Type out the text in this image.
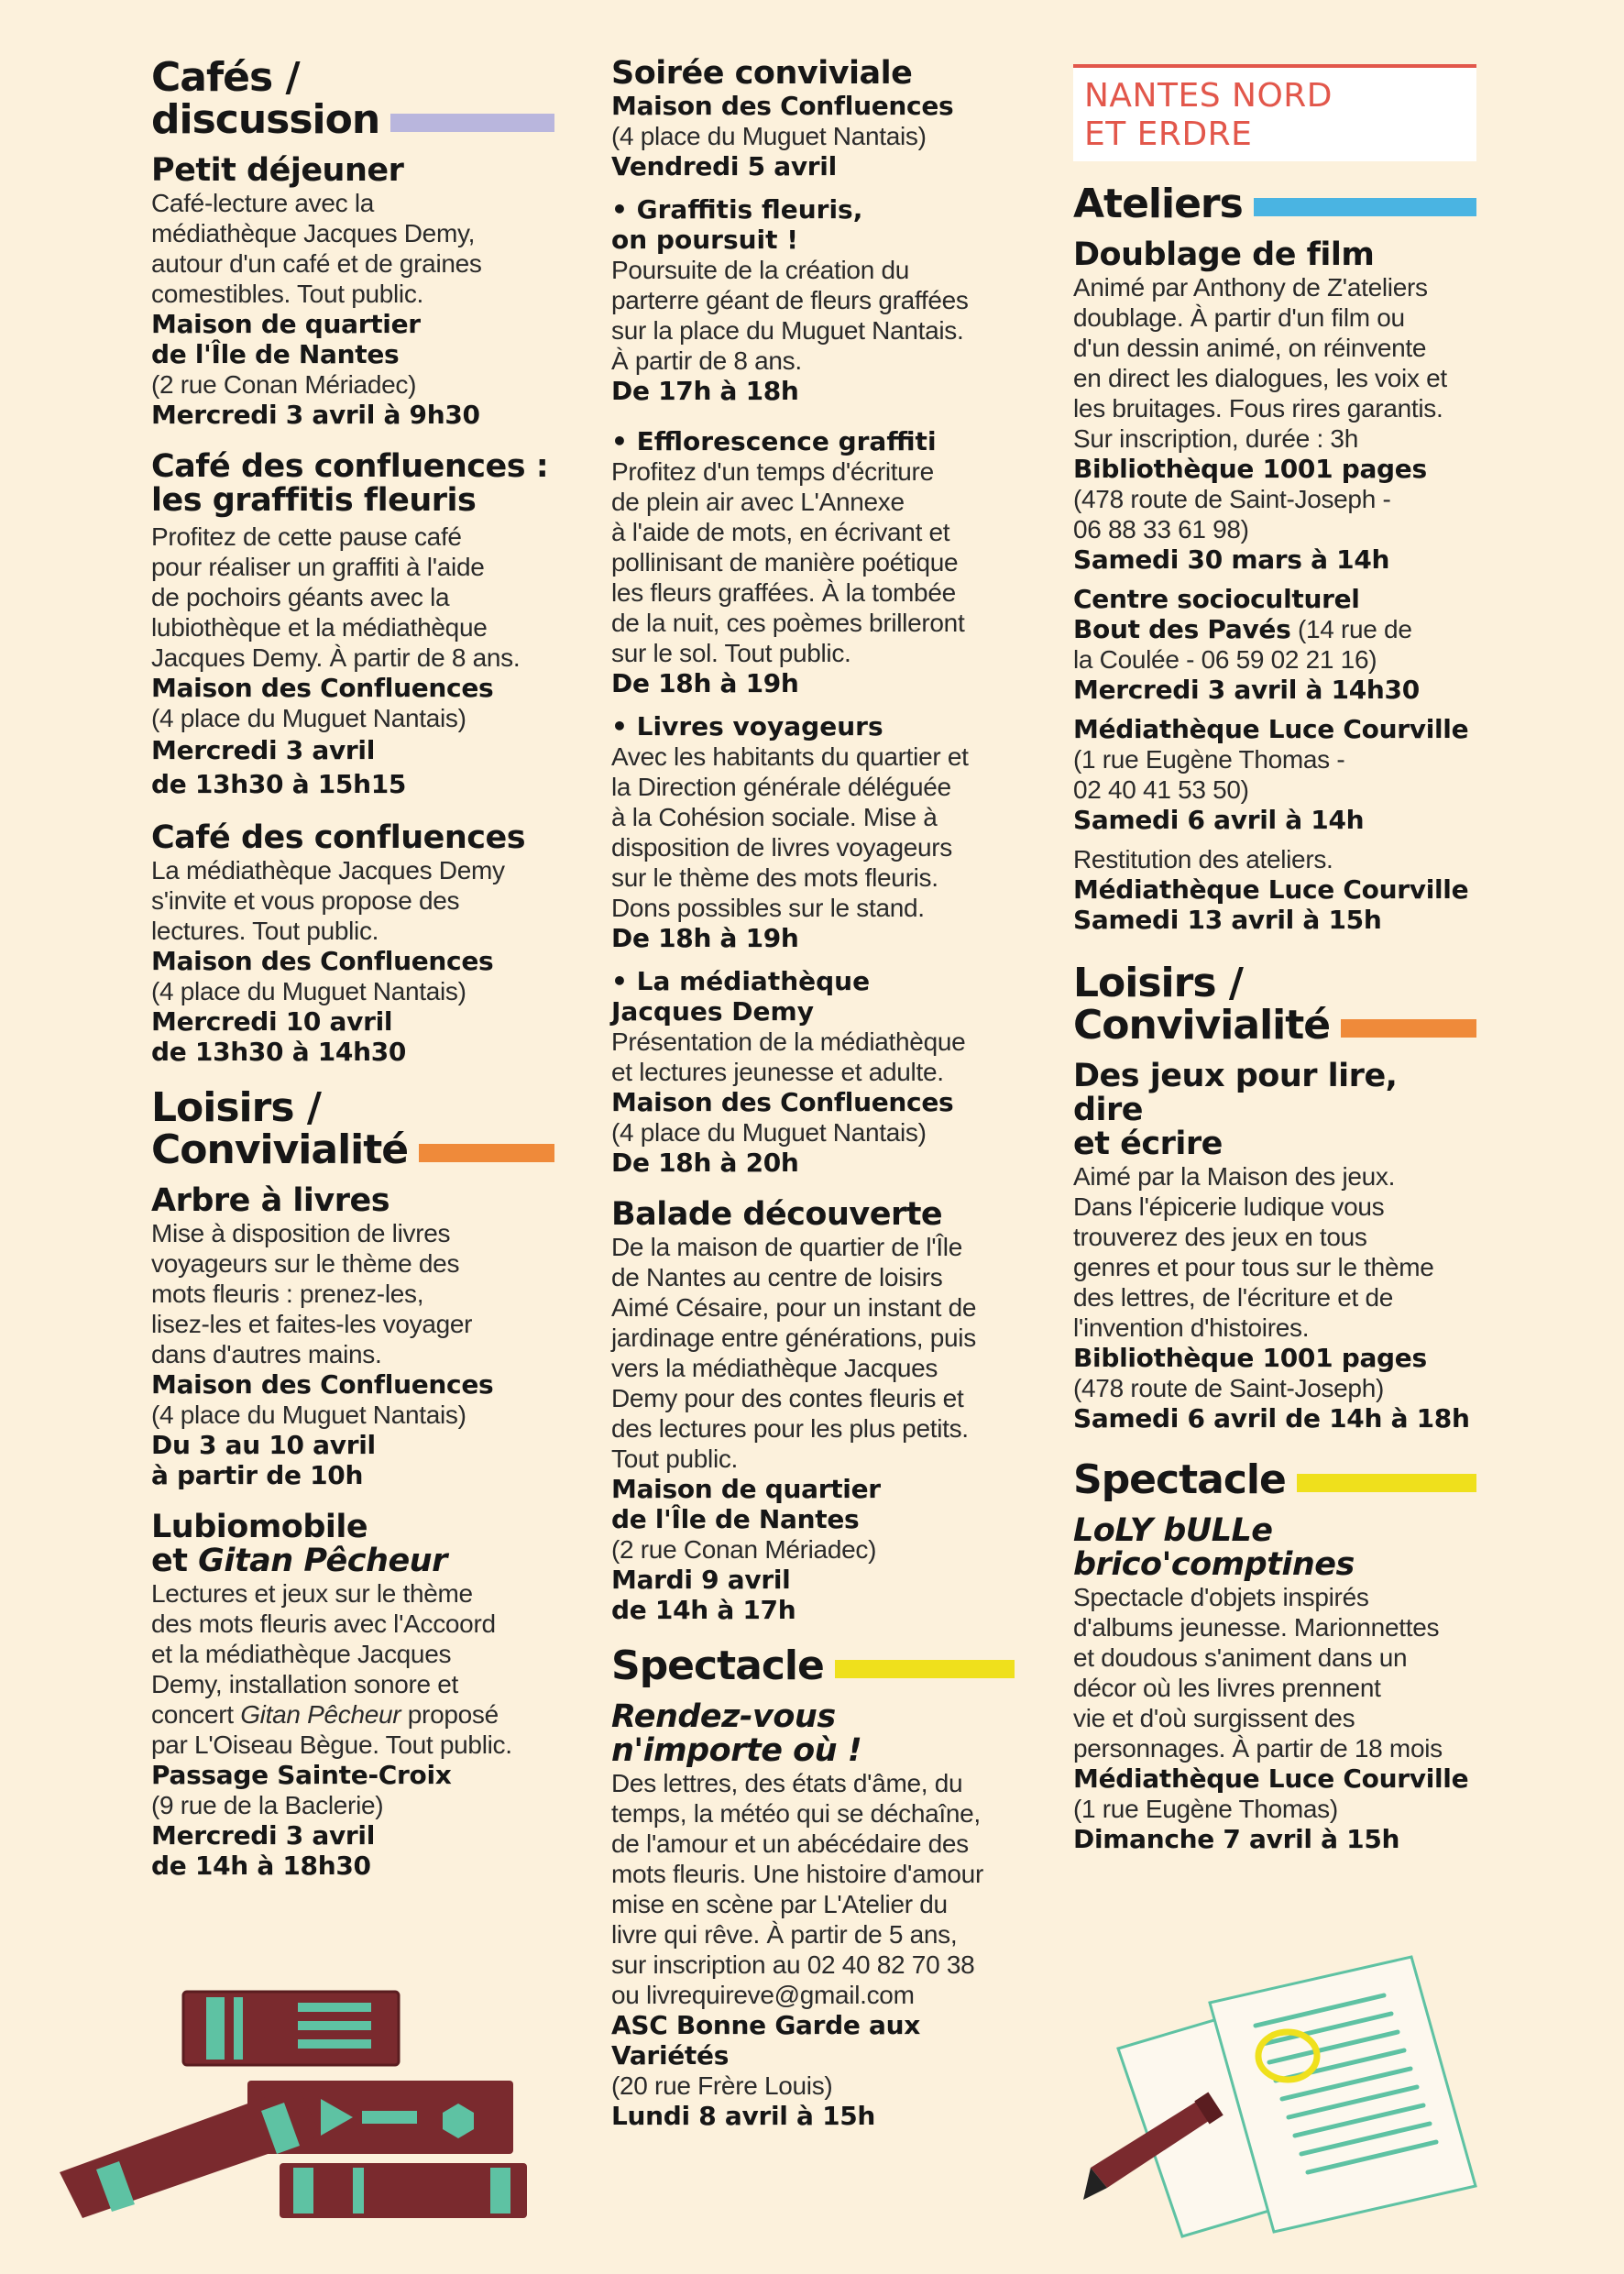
Cafés /
discussion
Petit déjeuner
Café-lecture avec la
médiathèque Jacques Demy,
autour d'un café et de graines
comestibles. Tout public.
Maison de quartier
de l'Île de Nantes
(2 rue Conan Mériadec)
Mercredi 3 avril à 9h30
Café des confluences :
les graffitis fleuris
Profitez de cette pause café
pour réaliser un graffiti à l'aide
de pochoirs géants avec la
lubiothèque et la médiathèque
Jacques Demy. À partir de 8 ans.
Maison des Confluences
(4 place du Muguet Nantais)
Mercredi 3 avril
de 13h30 à 15h15
Café des confluences
La médiathèque Jacques Demy
s'invite et vous propose des
lectures. Tout public.
Maison des Confluences
(4 place du Muguet Nantais)
Mercredi 10 avril
de 13h30 à 14h30
Loisirs /
Convivialité
Arbre à livres
Mise à disposition de livres
voyageurs sur le thème des
mots fleuris : prenez-les,
lisez-les et faites-les voyager
dans d'autres mains.
Maison des Confluences
(4 place du Muguet Nantais)
Du 3 au 10 avril
à partir de 10h
Lubiomobile
et Gitan Pêcheur
Lectures et jeux sur le thème
des mots fleuris avec l'Accoord
et la médiathèque Jacques
Demy, installation sonore et
concert Gitan Pêcheur proposé
par L'Oiseau Bègue. Tout public.
Passage Sainte-Croix
(9 rue de la Baclerie)
Mercredi 3 avril
de 14h à 18h30
Soirée conviviale
Maison des Confluences
(4 place du Muguet Nantais)
Vendredi 5 avril
• Graffitis fleuris,
on poursuit !
Poursuite de la création du
parterre géant de fleurs graffées
sur la place du Muguet Nantais.
À partir de 8 ans.
De 17h à 18h
• Efflorescence graffiti
Profitez d'un temps d'écriture
de plein air avec L'Annexe
à l'aide de mots, en écrivant et
pollinisant de manière poétique
les fleurs graffées. À la tombée
de la nuit, ces poèmes brilleront
sur le sol. Tout public.
De 18h à 19h
• Livres voyageurs
Avec les habitants du quartier et
la Direction générale déléguée
à la Cohésion sociale. Mise à
disposition de livres voyageurs
sur le thème des mots fleuris.
Dons possibles sur le stand.
De 18h à 19h
• La médiathèque
Jacques Demy
Présentation de la médiathèque
et lectures jeunesse et adulte.
Maison des Confluences
(4 place du Muguet Nantais)
De 18h à 20h
Balade découverte
De la maison de quartier de l'Île
de Nantes au centre de loisirs
Aimé Césaire, pour un instant de
jardinage entre générations, puis
vers la médiathèque Jacques
Demy pour des contes fleuris et
des lectures pour les plus petits.
Tout public.
Maison de quartier
de l'Île de Nantes
(2 rue Conan Mériadec)
Mardi 9 avril
de 14h à 17h
Spectacle
Rendez-vous
n'importe où !
Des lettres, des états d'âme, du
temps, la météo qui se déchaîne,
de l'amour et un abécédaire des
mots fleuris. Une histoire d'amour
mise en scène par L'Atelier du
livre qui rêve. À partir de 5 ans,
sur inscription au 02 40 82 70 38
ou livrequireve@gmail.com
ASC Bonne Garde aux Variétés
(20 rue Frère Louis)
Lundi 8 avril à 15h
NANTES NORD
ET ERDRE
Ateliers
Doublage de film
Animé par Anthony de Z'ateliers
doublage. À partir d'un film ou
d'un dessin animé, on réinvente
en direct les dialogues, les voix et
les bruitages. Fous rires garantis.
Sur inscription, durée : 3h
Bibliothèque 1001 pages
(478 route de Saint-Joseph -
06 88 33 61 98)
Samedi 30 mars à 14h
Centre socioculturel
Bout des Pavés (14 rue de
la Coulée - 06 59 02 21 16)
Mercredi 3 avril à 14h30
Médiathèque Luce Courville
(1 rue Eugène Thomas -
02 40 41 53 50)
Samedi 6 avril à 14h
Restitution des ateliers.
Médiathèque Luce Courville
Samedi 13 avril à 15h
Loisirs /
Convivialité
Des jeux pour lire, dire
et écrire
Aimé par la Maison des jeux.
Dans l'épicerie ludique vous
trouverez des jeux en tous
genres et pour tous sur le thème
des lettres, de l'écriture et de
l'invention d'histoires.
Bibliothèque 1001 pages
(478 route de Saint-Joseph)
Samedi 6 avril de 14h à 18h
Spectacle
LoLY bULLe
brico'comptines
Spectacle d'objets inspirés
d'albums jeunesse. Marionnettes
et doudous s'animent dans un
décor où les livres prennent
vie et d'où surgissent des
personnages. À partir de 18 mois
Médiathèque Luce Courville
(1 rue Eugène Thomas)
Dimanche 7 avril à 15h
